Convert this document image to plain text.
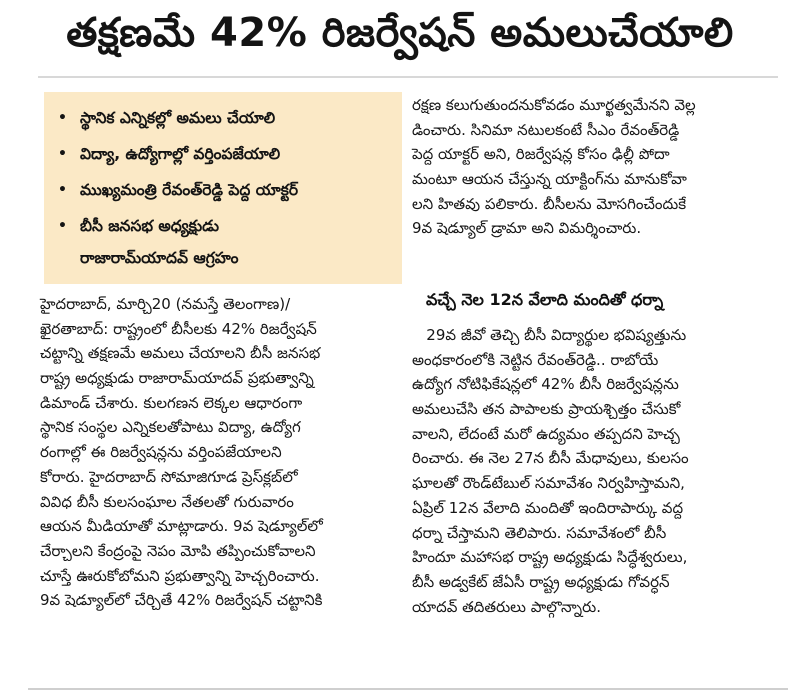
తక్షణమే 42% రిజర్వేషన్ అమలుచేయాలి
• స్థానిక ఎన్నికల్లో అమలు చేయాలి
• విద్యా, ఉద్యోగాల్లో వర్తింపజేయాలి
• ముఖ్యమంత్రి రేవంత్‌రెడ్డి పెద్ద యాక్టర్
• బీసీ జనసభ అధ్యక్షుడు
రాజారామ్‌యాదవ్ ఆగ్రహం
హైదరాబాద్, మార్చి20 (నమస్తే తెలంగాణ)/
ఖైరతాబాద్: రాష్ట్రంలో బీసీలకు 42% రిజర్వేషన్
చట్టాన్ని తక్షణమే అమలు చేయాలని బీసీ జనసభ
రాష్ట్ర అధ్యక్షుడు రాజారామ్‌యాదవ్ ప్రభుత్వాన్ని
డిమాండ్ చేశారు. కులగణన లెక్కల ఆధారంగా
స్థానిక సంస్థల ఎన్నికలతోపాటు విద్యా, ఉద్యోగ
రంగాల్లో ఈ రిజర్వేషన్లను వర్తింపజేయాలని
కోరారు. హైదరాబాద్ సోమాజిగూడ ప్రెస్‌క్లబ్‌లో
వివిధ బీసీ కులసంఘాల నేతలతో గురువారం
ఆయన మీడియాతో మాట్లాడారు. 9వ షెడ్యూల్‌లో
చేర్చాలని కేంద్రంపై నెపం మోపి తప్పించుకోవాలని
చూస్తే ఊరుకోబోమని ప్రభుత్వాన్ని హెచ్చరించారు.
9వ షెడ్యూల్‌లో చేర్చితే 42% రిజర్వేషన్ చట్టానికి
రక్షణ కలుగుతుందనుకోవడం మూర్ఖత్వమేనని వెల్ల
డించారు. సినిమా నటులకంటే సీఎం రేవంత్‌రెడ్డి
పెద్ద యాక్టర్ అని, రిజర్వేషన్ల కోసం ఢిల్లీ పోదా
మంటూ ఆయన చేస్తున్న యాక్టింగ్‌ను మానుకోవా
లని హితవు పలికారు. బీసీలను మోసగించేందుకే
9వ షెడ్యూల్ డ్రామా అని విమర్శించారు.
వచ్చే నెల 12న వేలాది మందితో ధర్నా
29వ జీవో తెచ్చి బీసీ విద్యార్థుల భవిష్యత్తును
అంధకారంలోకి నెట్టిన రేవంత్‌రెడ్డి.. రాబోయే
ఉద్యోగ నోటిఫికేషన్లలో 42% బీసీ రిజర్వేషన్లను
అమలుచేసి తన పాపాలకు ప్రాయశ్చిత్తం చేసుకో
వాలని, లేదంటే మరో ఉద్యమం తప్పదని హెచ్చ
రించారు. ఈ నెల 27న బీసీ మేధావులు, కులసం
ఘాలతో రౌండ్‌టేబుల్ సమావేశం నిర్వహిస్తామని,
ఏప్రిల్ 12న వేలాది మందితో ఇందిరాపార్కు వద్ద
ధర్నా చేస్తామని తెలిపారు. సమావేశంలో బీసీ
హిందూ మహాసభ రాష్ట్ర అధ్యక్షుడు సిద్ధేశ్వరులు,
బీసీ అడ్వకేట్ జేఏసీ రాష్ట్ర అధ్యక్షుడు గోవర్ధన్
యాదవ్ తదితరులు పాల్గొన్నారు.
